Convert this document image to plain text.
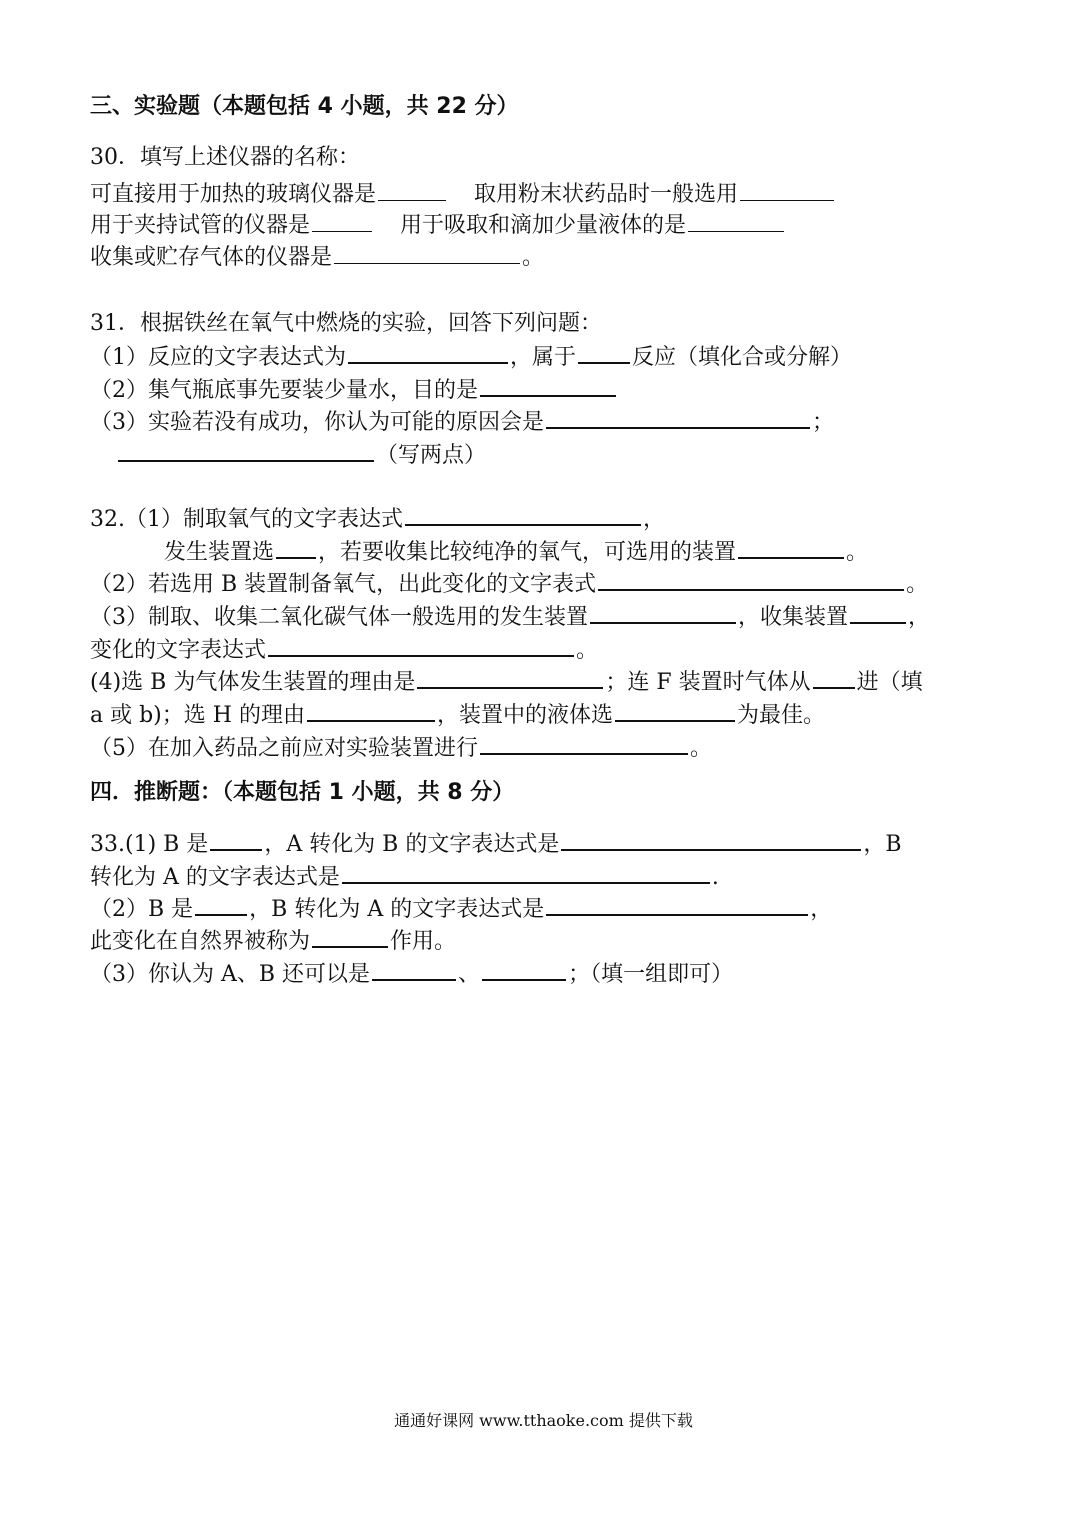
三、实验题（本题包括 4 小题，共 22 分）
30．填写上述仪器的名称：
可直接用于加热的玻璃仪器是	取用粉末状药品时一般选用
用于夹持试管的仪器是	用于吸取和滴加少量液体的是
收集或贮存气体的仪器是	。
31．根据铁丝在氧气中燃烧的实验，回答下列问题：
（1）反应的文字表达式为	，属于	反应（填化合或分解）
（2）集气瓶底事先要装少量水，目的是
（3）实验若没有成功，你认为可能的原因会是	；
（写两点）
32.（1）制取氧气的文字表达式	，
发生装置选 ，若要收集比较纯净的氧气，可选用的装置	。
（2）若选用 B 装置制备氧气，出此变化的文字表式	。
（3）制取、收集二氧化碳气体一般选用的发生装置	，收集装置	，
变化的文字表达式	。
(4)选 B 为气体发生装置的理由是	；连 F 装置时气体从 进（填
a 或 b)；选 H 的理由	，装置中的液体选	为最佳。
（5）在加入药品之前应对实验装置进行	。
四．推断题：（本题包括 1 小题，共 8 分）
33.(1) B 是	，A 转化为 B 的文字表达式是	，B
转化为 A 的文字表达式是	.
（2）B 是	，B 转化为 A 的文字表达式是	，
此变化在自然界被称为	作用。
（3）你认为 A、B 还可以是	、	；（填一组即可）
通通好课网 www.tthaoke.com 提供下载
